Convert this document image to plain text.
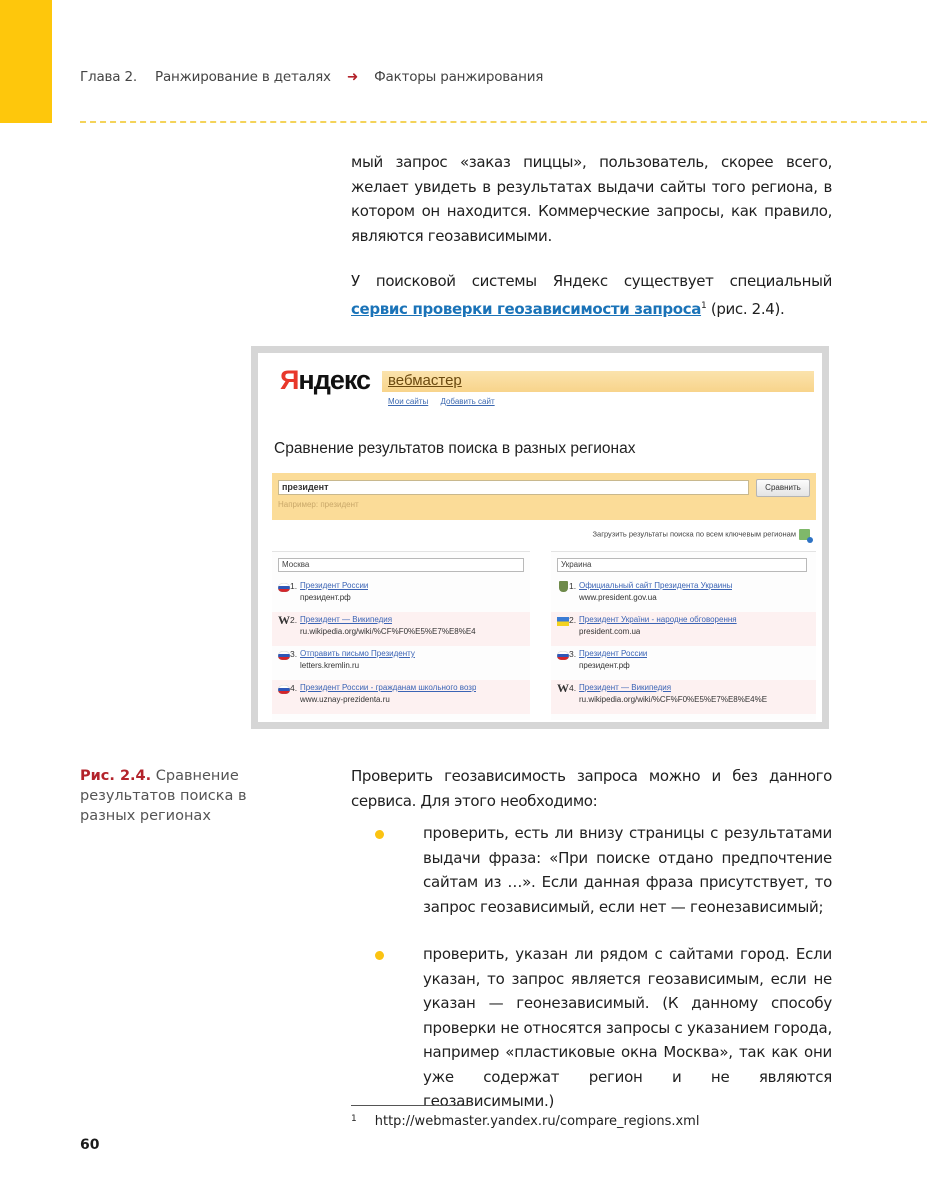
Глава 2. Ранжирование в деталях ➜ Факторы ранжирования
мый запрос «заказ пиццы», пользователь, скорее всего, желает увидеть в результатах выдачи сайты того региона, в котором он находится. Коммерческие запросы, как правило, являются геозависимыми.
У поисковой системы Яндекс существует специальный сервис проверки геозависимости запроса$^1$ (рис. 2.4).
Яндекс вебмастер
Мои сайты Добавить сайт
Сравнение результатов поиска в разных регионах
президент	Сравнить
Например: президент
Загрузить результаты поиска по всем ключевым регионам
Москва
1. Президент России
президент.рф
W 2. Президент — Википедия
ru.wikipedia.org/wiki/%CF%F0%E5%E7%E8%E4
3. Отправить письмо Президенту
letters.kremlin.ru
4. Президент России - гражданам школьного возр
www.uznay-prezidenta.ru
Украина
1. Официальный сайт Президента Украины
www.president.gov.ua
2. Президент України - народне обговорення
president.com.ua
3. Президент России
президент.рф
W 4. Президент — Википедия
ru.wikipedia.org/wiki/%CF%F0%E5%E7%E8%E4%E
Рис. 2.4. Сравнение результатов поиска в разных регионах
Проверить геозависимость запроса можно и без данного сервиса. Для этого необходимо:
проверить, есть ли внизу страницы с результатами выдачи фраза: «При поиске отдано предпочтение сайтам из …». Если данная фраза присутствует, то запрос геозависимый, если нет — геонезависимый;
проверить, указан ли рядом с сайтами город. Если указан, то запрос является геозависимым, если не указан — геонезависимый. (К данному способу проверки не относятся запросы с указанием города, например «пластиковые окна Москва», так как они уже содержат регион и не являются геозависимыми.)
$^1$ http://webmaster.yandex.ru/compare_regions.xml
60
